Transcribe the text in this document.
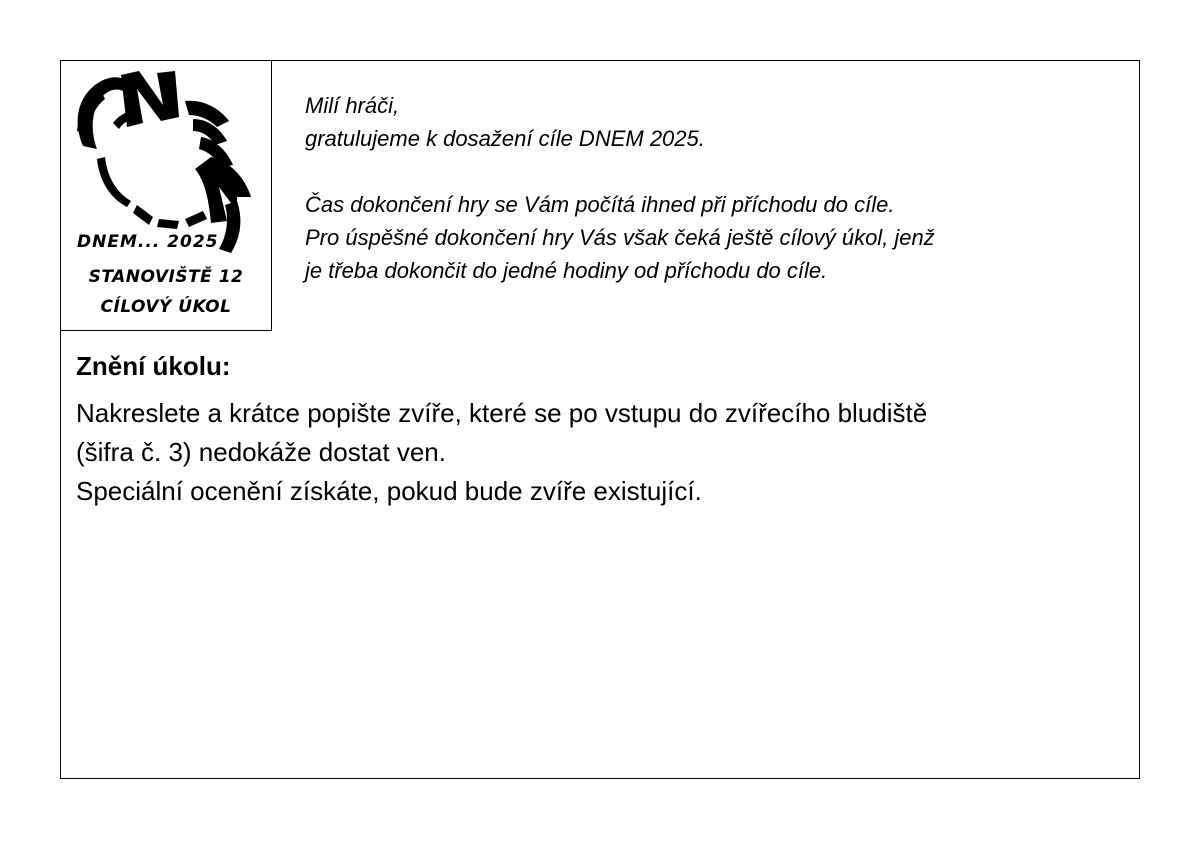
DNEM... 2025
STANOVIŠTĚ 12
CÍLOVÝ ÚKOL

Milí hráči,

gratulujeme k dosažení cíle DNEM 2025.

Čas dokončení hry se Vám počítá ihned při příchodu do cíle.

Pro úspěšné dokončení hry Vás však čeká ještě cílový úkol, jenž

je třeba dokončit do jedné hodiny od příchodu do cíle.

Znění úkolu:

Nakreslete a krátce popište zvíře, které se po vstupu do zvířecího bludiště

(šifra č. 3) nedokáže dostat ven.

Speciální ocenění získáte, pokud bude zvíře existující.
